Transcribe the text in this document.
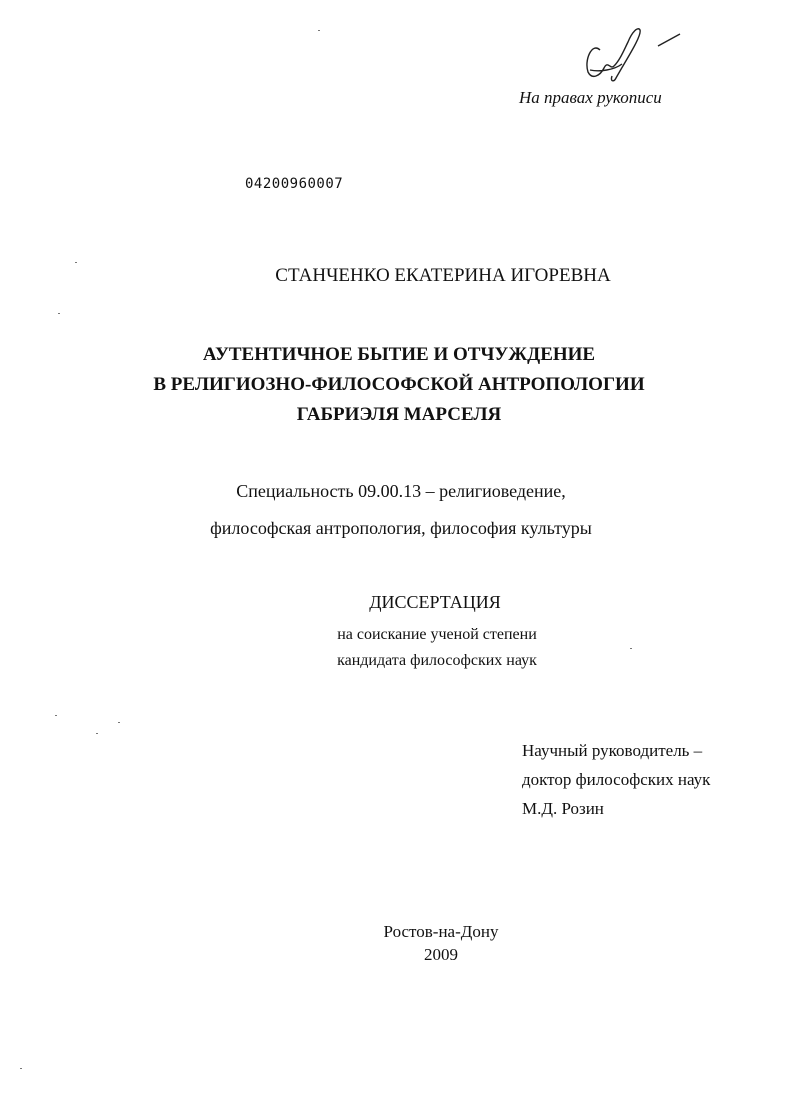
На правах рукописи
04200960007
СТАНЧЕНКО ЕКАТЕРИНА ИГОРЕВНА
АУТЕНТИЧНОЕ БЫТИЕ И ОТЧУЖДЕНИЕ
В РЕЛИГИОЗНО-ФИЛОСОФСКОЙ АНТРОПОЛОГИИ
ГАБРИЭЛЯ МАРСЕЛЯ
Специальность 09.00.13 – религиоведение,
философская антропология, философия культуры
ДИССЕРТАЦИЯ
на соискание ученой степени
кандидата философских наук
Научный руководитель –
доктор философских наук
М.Д. Розин
Ростов-на-Дону
2009
